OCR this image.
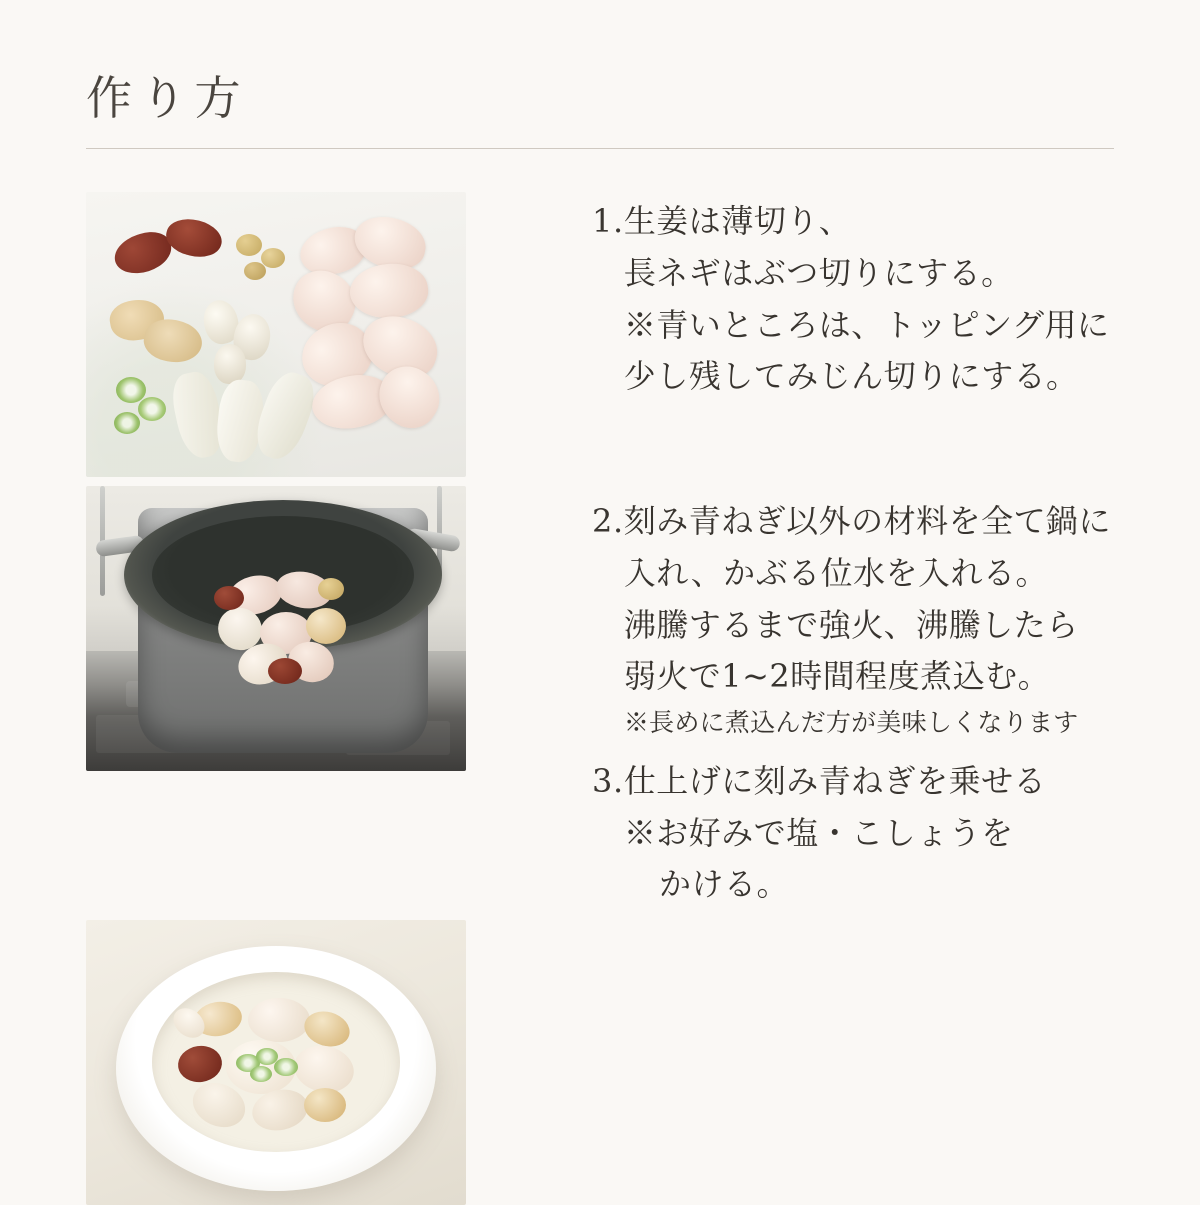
作り方
1. 生姜は薄切り、
長ネギはぶつ切りにする。
※青いところは、トッピング用に
少し残してみじん切りにする。
2. 刻み青ねぎ以外の材料を全て鍋に
入れ、かぶる位水を入れる。
沸騰するまで強火、沸騰したら
弱火で1~2時間程度煮込む。
※長めに煮込んだ方が美味しくなります
3. 仕上げに刻み青ねぎを乗せる
※お好みで塩・こしょうを
かける。
